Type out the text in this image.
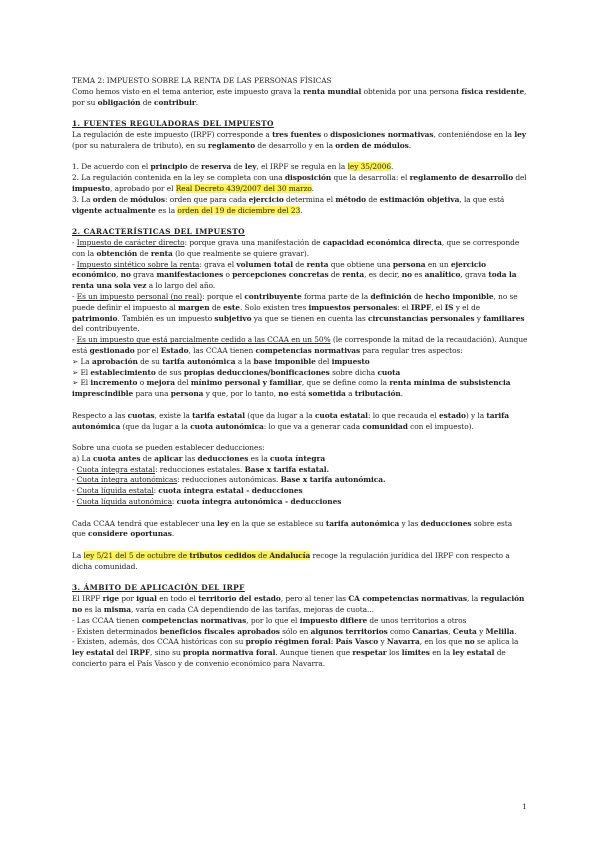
TEMA 2: IMPUESTO SOBRE LA RENTA DE LAS PERSONAS FÍSICAS

Como hemos visto en el tema anterior, este impuesto grava la renta mundial obtenida por una persona física residente, por su obligación de contribuir.

1. FUENTES REGULADORAS DEL IMPUESTO

La regulación de este impuesto (IRPF) corresponde a tres fuentes o disposiciones normativas, conteniéndose en la ley (por su naturalera de tributo), en su reglamento de desarrollo y en la orden de módulos.

1. De acuerdo con el principio de reserva de ley, el IRPF se regula en la ley 35/2006.

2. La regulación contenida en la ley se completa con una disposición que la desarrolla: el reglamento de desarrollo del impuesto, aprobado por el Real Decreto 439/2007 del 30 marzo.

3. La orden de módulos: orden que para cada ejercicio determina el método de estimación objetiva, la que está vigente actualmente es la orden del 19 de diciembre del 23.

2. CARACTERÍSTICAS DEL IMPUESTO

- Impuesto de carácter directo: porque grava una manifestación de capacidad económica directa, que se corresponde con la obtención de renta (lo que realmente se quiere gravar).

- Impuesto sintético sobre la renta: grava el volumen total de renta que obtiene una persona en un ejercicio económico, no grava manifestaciones o percepciones concretas de renta, es decir, no es analítico, grava toda la renta una sola vez a lo largo del año.

- Es un impuesto personal (no real): porque el contribuyente forma parte de la definición de hecho imponible, no se puede definir el impuesto al margen de este. Solo existen tres impuestos personales: el IRPF, el IS y el de patrimonio. También es un impuesto subjetivo ya que se tienen en cuenta las circunstancias personales y familiares del contribuyente.

- Es un impuesto que está parcialmente cedido a las CCAA en un 50% (le corresponde la mitad de la recaudación). Aunque está gestionado por el Estado, las CCAA tienen competencias normativas para regular tres aspectos:

➢ La aprobación de su tarifa autonómica a la base imponible del impuesto

➢ El establecimiento de sus propias deducciones/bonificaciones sobre dicha cuota

➢ El incremento o mejora del mínimo personal y familiar, que se define como la renta mínima de subsistencia imprescindible para una persona y que, por lo tanto, no está sometida a tributación.

Respecto a las cuotas, existe la tarifa estatal (que da lugar a la cuota estatal: lo que recauda el estado) y la tarifa autonómica (que da lugar a la cuota autonómica: lo que va a generar cada comunidad con el impuesto).

Sobre una cuota se pueden establecer deducciones:

a) La cuota antes de aplicar las deducciones es la cuota íntegra

- Cuota íntegra estatal: reducciones estatales. Base x tarifa estatal.

- Cuota íntegra autonómicas: reducciones autonómicas. Base x tarifa autonómica.

- Cuota líquida estatal: cuota íntegra estatal - deducciones

- Cuota líquida autonómica: cuota íntegra autonómica - deducciones

Cada CCAA tendrá que establecer una ley en la que se establece su tarifa autonómica y las deducciones sobre esta que considere oportunas.

La ley 5/21 del 5 de octubre de tributos cedidos de Andalucía recoge la regulación jurídica del IRPF con respecto a dicha comunidad.

3. ÁMBITO DE APLICACIÓN DEL IRPF

El IRPF rige por igual en todo el territorio del estado, pero al tener las CA competencias normativas, la regulación no es la misma, varía en cada CA dependiendo de las tarifas, mejoras de cuota...

- Las CCAA tienen competencias normativas, por lo que el impuesto difiere de unos territorios a otros

- Existen determinados beneficios fiscales aprobados sólo en algunos territorios como Canarias, Ceuta y Melilla.

- Existen, además, dos CCAA históricas con su propio régimen foral: País Vasco y Navarra, en los que no se aplica la ley estatal del IRPF, sino su propia normativa foral. Aunque tienen que respetar los límites en la ley estatal de concierto para el País Vasco y de convenio económico para Navarra.

1
